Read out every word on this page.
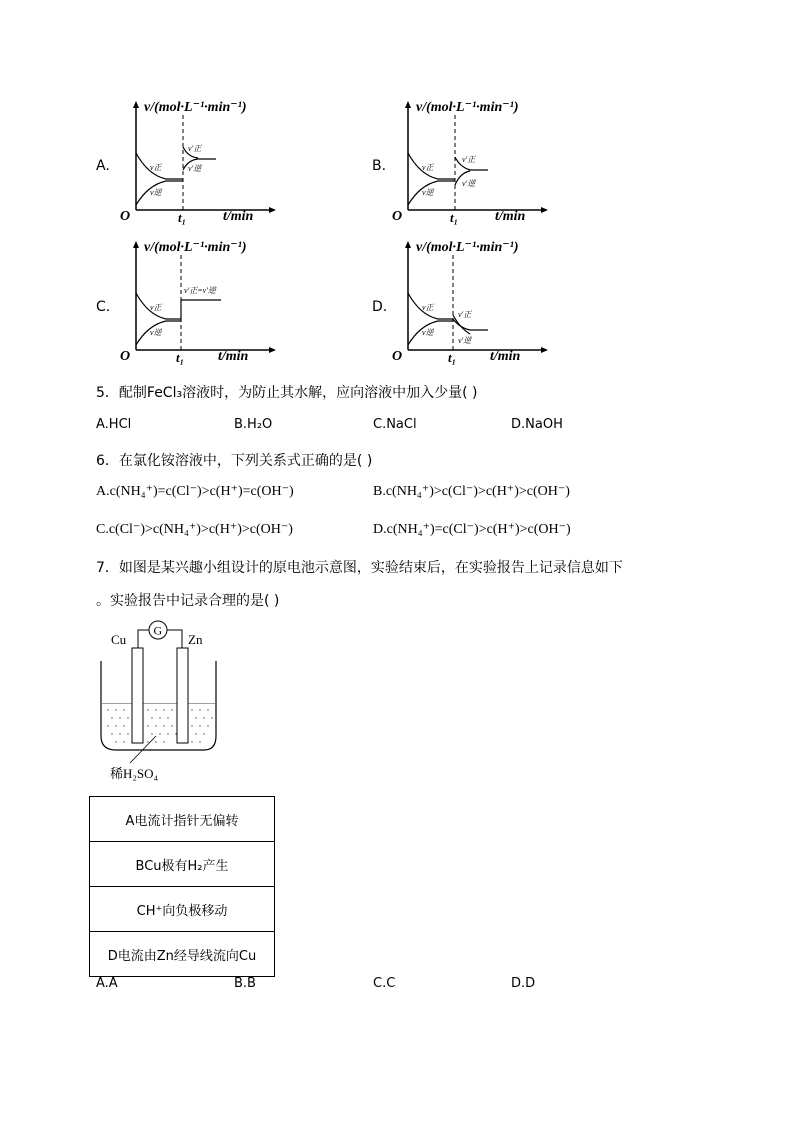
A.
v/(mol·L⁻¹·min⁻¹)
O	t₁	t/min
v正
v逆
v'正
v'逆	B.
v/(mol·L⁻¹·min⁻¹)
O	t₁	t/min
v正
v逆
v'正
v'逆
C.
v/(mol·L⁻¹·min⁻¹)
O	t₁ t/min
v正
v逆
v'正=v'逆
D.
v/(mol·L⁻¹·min⁻¹)
O	t₁ t/min
v正
v逆
v'正
v'逆
5．配制FeCl₃溶液时，为防止其水解，应向溶液中加入少量( )
A.HCl	B.H₂O	C.NaCl	D.NaOH
6．在氯化铵溶液中，下列关系式正确的是( )
A.c(NH₄⁺)=c(Cl⁻)>c(H⁺)=c(OH⁻)	B.c(NH₄⁺)>c(Cl⁻)>c(H⁺)>c(OH⁻)
C.c(Cl⁻)>c(NH₄⁺)>c(H⁺)>c(OH⁻)	D.c(NH₄⁺)=c(Cl⁻)>c(H⁺)>c(OH⁻)
7．如图是某兴趣小组设计的原电池示意图，实验结束后，在实验报告上记录信息如下
。实验报告中记录合理的是( )
G
Cu	Zn
稀H₂SO₄
A电流计指针无偏转
BCu极有H₂产生
CH⁺向负极移动
D电流由Zn经导线流向Cu
A.A	B.B	C.C	D.D
